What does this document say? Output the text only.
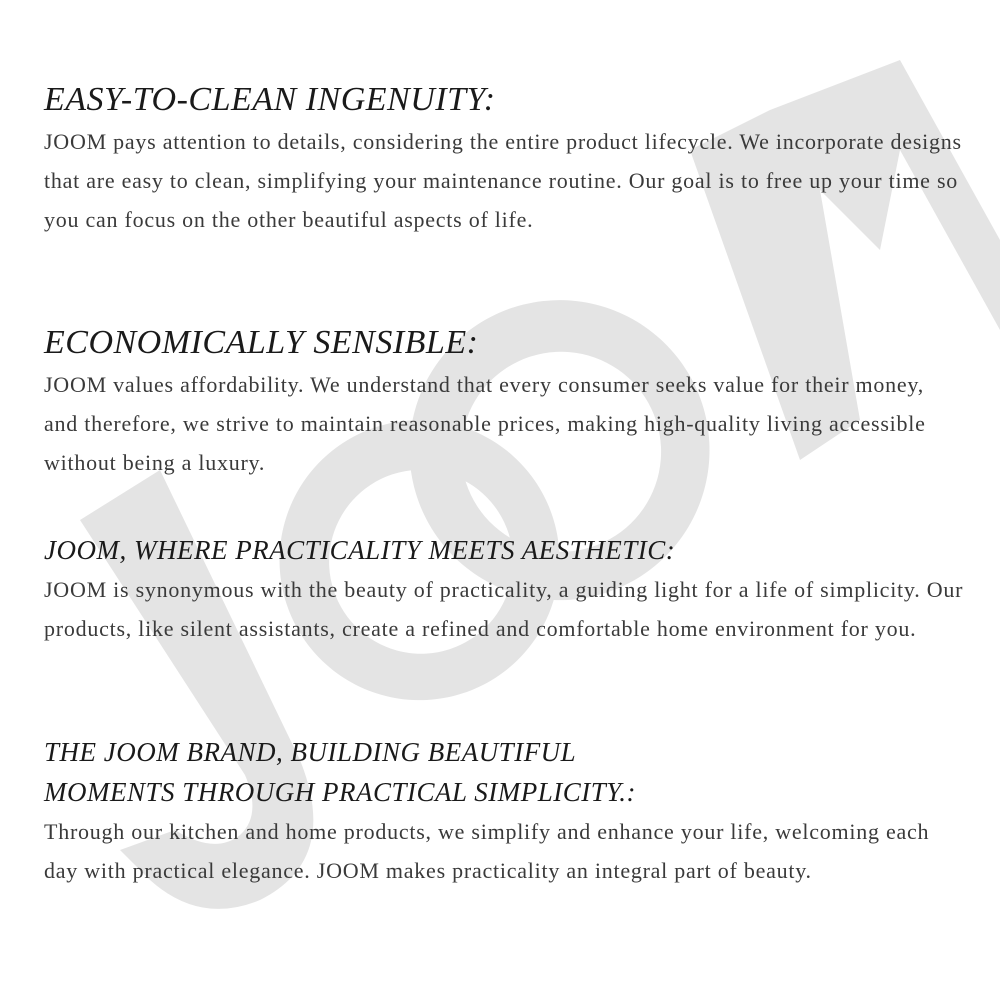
EASY-TO-CLEAN INGENUITY:

JOOM pays attention to details, considering the entire product lifecycle. We incorporate designs that are easy to clean, simplifying your maintenance routine. Our goal is to free up your time so you can focus on the other beautiful aspects of life.

ECONOMICALLY SENSIBLE:

JOOM values affordability. We understand that every consumer seeks value for their money, and therefore, we strive to maintain reasonable prices, making high-quality living accessible without being a luxury.

JOOM, WHERE PRACTICALITY MEETS AESTHETIC:

JOOM is synonymous with the beauty of practicality, a guiding light for a life of simplicity. Our products, like silent assistants, create a refined and comfortable home environment for you.

THE JOOM BRAND, BUILDING BEAUTIFUL
MOMENTS THROUGH PRACTICAL SIMPLICITY.:

Through our kitchen and home products, we simplify and enhance your life, welcoming each day with practical elegance. JOOM makes practicality an integral part of beauty.
